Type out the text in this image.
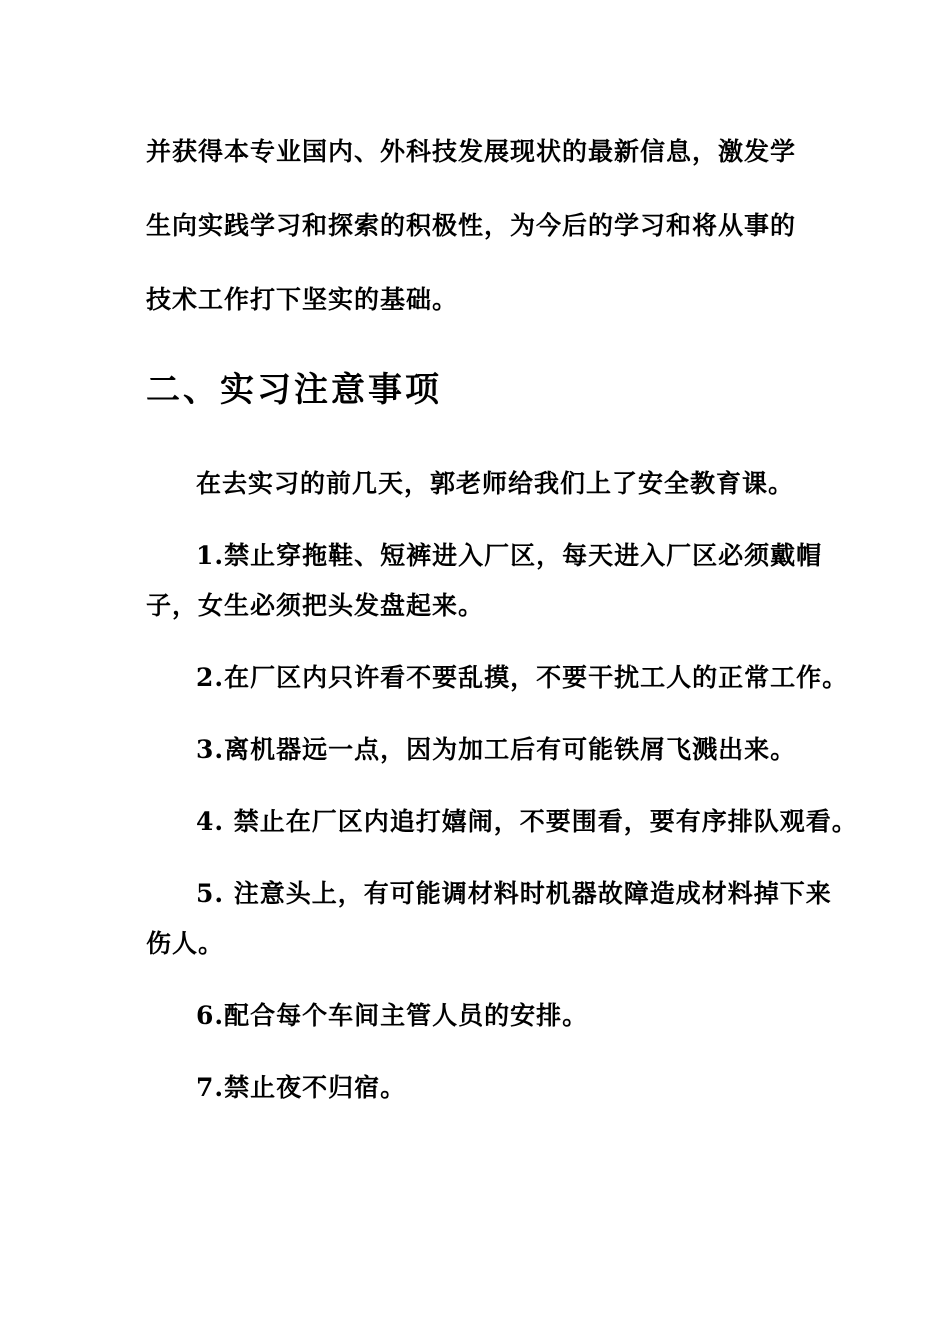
并获得本专业国内、外科技发展现状的最新信息，激发学
生向实践学习和探索的积极性，为今后的学习和将从事的
技术工作打下坚实的基础。
二、实习注意事项
在去实习的前几天，郭老师给我们上了安全教育课。
1.禁止穿拖鞋、短裤进入厂区，每天进入厂区必须戴帽
子，女生必须把头发盘起来。
2.在厂区内只许看不要乱摸，不要干扰工人的正常工作。
3.离机器远一点，因为加工后有可能铁屑飞溅出来。
4. 禁止在厂区内追打嬉闹，不要围看，要有序排队观看。
5. 注意头上，有可能调材料时机器故障造成材料掉下来
伤人。
6.配合每个车间主管人员的安排。
7.禁止夜不归宿。
